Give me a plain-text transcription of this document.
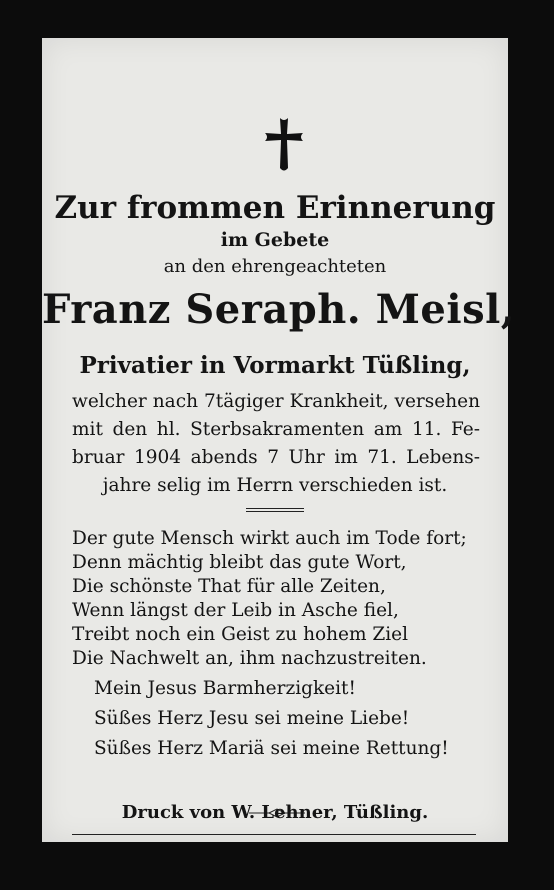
Zur frommen Erinnerung
im Gebete
an den ehrengeachteten
Franz Seraph. Meisl,
Privatier in Vormarkt Tüßling,
welcher nach 7tägiger Krankheit, versehen
mit den hl. Sterbsakramenten am 11. Fe-
bruar 1904 abends 7 Uhr im 71. Lebens-
jahre selig im Herrn verschieden ist.
Der gute Mensch wirkt auch im Tode fort;
Denn mächtig bleibt das gute Wort,
Die schönste That für alle Zeiten,
Wenn längst der Leib in Asche fiel,
Treibt noch ein Geist zu hohem Ziel
Die Nachwelt an, ihm nachzustreiten.
Mein Jesus Barmherzigkeit!
Süßes Herz Jesu sei meine Liebe!
Süßes Herz Mariä sei meine Rettung!
Druck von W. Lehner, Tüßling.
